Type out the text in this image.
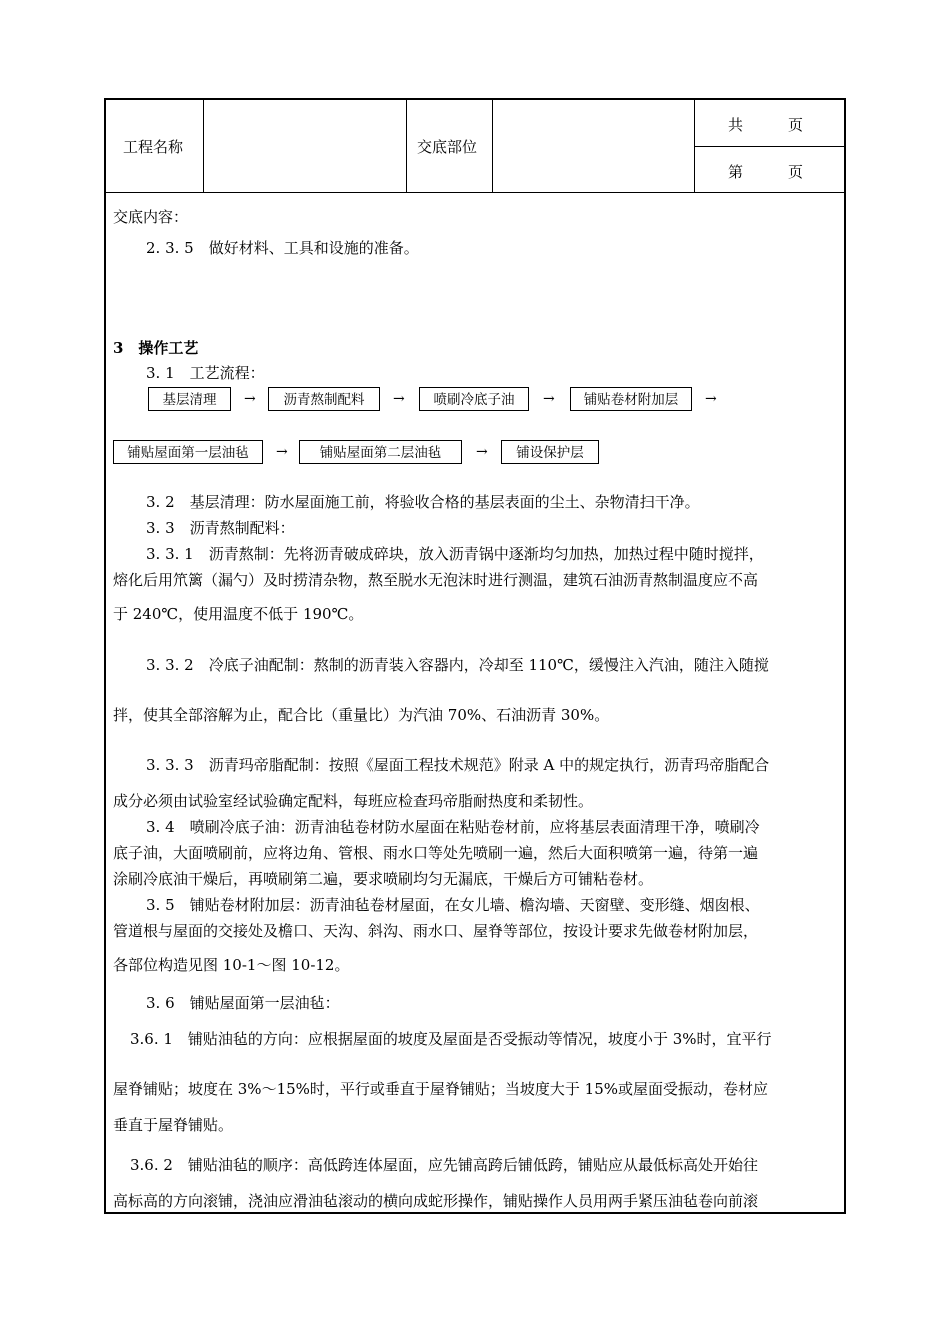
工程名称	交底部位
共　　　页
第　　　页
交底内容：
2. 3. 5　做好材料、工具和设施的准备。
3　操作工艺
3. 1　工艺流程：
基层清理	→	沥青熬制配料	→	喷刷冷底子油	→	铺贴卷材附加层	→
铺贴屋面第一层油毡	→	铺贴屋面第二层油毡	→	铺设保护层
3. 2　基层清理：防水屋面施工前，将验收合格的基层表面的尘土、杂物清扫干净。
3. 3　沥青熬制配料：
3. 3. 1　沥青熬制：先将沥青破成碎块，放入沥青锅中逐渐均匀加热，加热过程中随时搅拌，
熔化后用笊篱（漏勺）及时捞清杂物，熬至脱水无泡沫时进行测温，建筑石油沥青熬制温度应不高
于 240℃，使用温度不低于 190℃。
3. 3. 2　冷底子油配制：熬制的沥青装入容器内，冷却至 110℃，缓慢注入汽油，随注入随搅
拌，使其全部溶解为止，配合比（重量比）为汽油 70%、石油沥青 30%。
3. 3. 3　沥青玛帝脂配制：按照《屋面工程技术规范》附录 A 中的规定执行，沥青玛帝脂配合
成分必须由试验室经试验确定配料，每班应检查玛帝脂耐热度和柔韧性。
3. 4　喷刷冷底子油：沥青油毡卷材防水屋面在粘贴卷材前，应将基层表面清理干净，喷刷冷
底子油，大面喷刷前，应将边角、管根、雨水口等处先喷刷一遍，然后大面积喷第一遍，待第一遍
涂刷冷底油干燥后，再喷刷第二遍，要求喷刷均匀无漏底，干燥后方可铺粘卷材。
3. 5　铺贴卷材附加层：沥青油毡卷材屋面，在女儿墙、檐沟墙、天窗壁、变形缝、烟囱根、
管道根与屋面的交接处及檐口、天沟、斜沟、雨水口、屋脊等部位，按设计要求先做卷材附加层，
各部位构造见图 10-1～图 10-12。
3. 6　铺贴屋面第一层油毡：
3.6. 1　铺贴油毡的方向：应根据屋面的坡度及屋面是否受振动等情况，坡度小于 3%时，宜平行
屋脊铺贴；坡度在 3%～15%时，平行或垂直于屋脊铺贴；当坡度大于 15%或屋面受振动，卷材应
垂直于屋脊铺贴。
3.6. 2　铺贴油毡的顺序：高低跨连体屋面，应先铺高跨后铺低跨，铺贴应从最低标高处开始往
高标高的方向滚铺，浇油应滑油毡滚动的横向成蛇形操作，铺贴操作人员用两手紧压油毡卷向前滚
